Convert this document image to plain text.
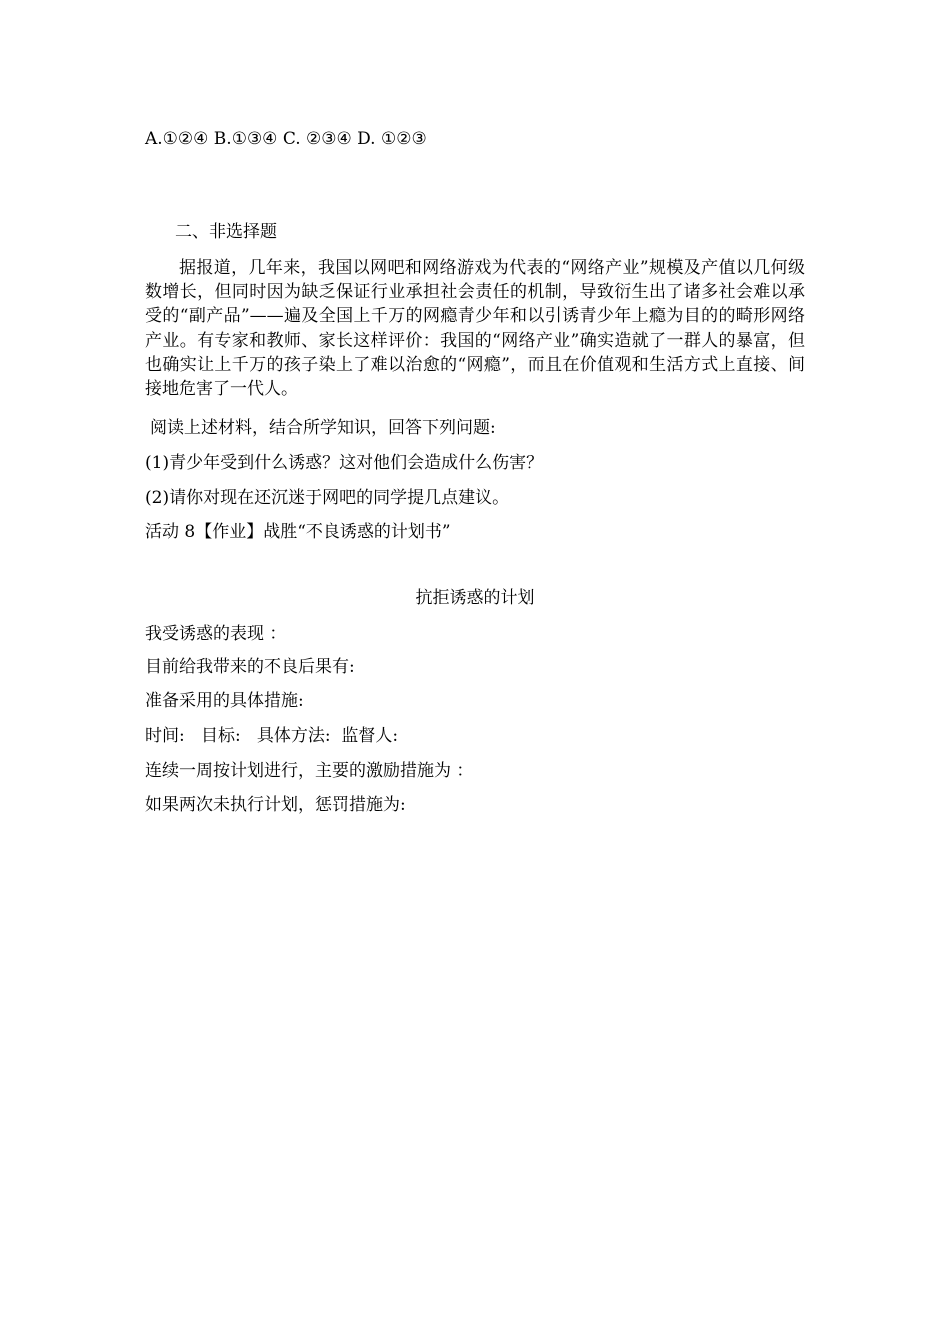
A.①②④ B.①③④ C. ②③④ D. ①②③
二、非选择题
据报道，几年来，我国以网吧和网络游戏为代表的“网络产业”规模及产值以几何级数增长，但同时因为缺乏保证行业承担社会责任的机制，导致衍生出了诸多社会难以承受的“副产品”——遍及全国上千万的网瘾青少年和以引诱青少年上瘾为目的的畸形网络产业。有专家和教师、家长这样评价：我国的“网络产业”确实造就了一群人的暴富，但也确实让上千万的孩子染上了难以治愈的“网瘾”，而且在价值观和生活方式上直接、间接地危害了一代人。
阅读上述材料，结合所学知识，回答下列问题:
(1)青少年受到什么诱惑？这对他们会造成什么伤害？
(2)请你对现在还沉迷于网吧的同学提几点建议。
活动 8【作业】战胜“不良诱惑的计划书”
抗拒诱惑的计划
我受诱惑的表现 ：
目前给我带来的不良后果有:
准备采用的具体措施:
时间:   目标:   具体方法:  监督人:
连续一周按计划进行，主要的激励措施为 ：
如果两次未执行计划，惩罚措施为:
